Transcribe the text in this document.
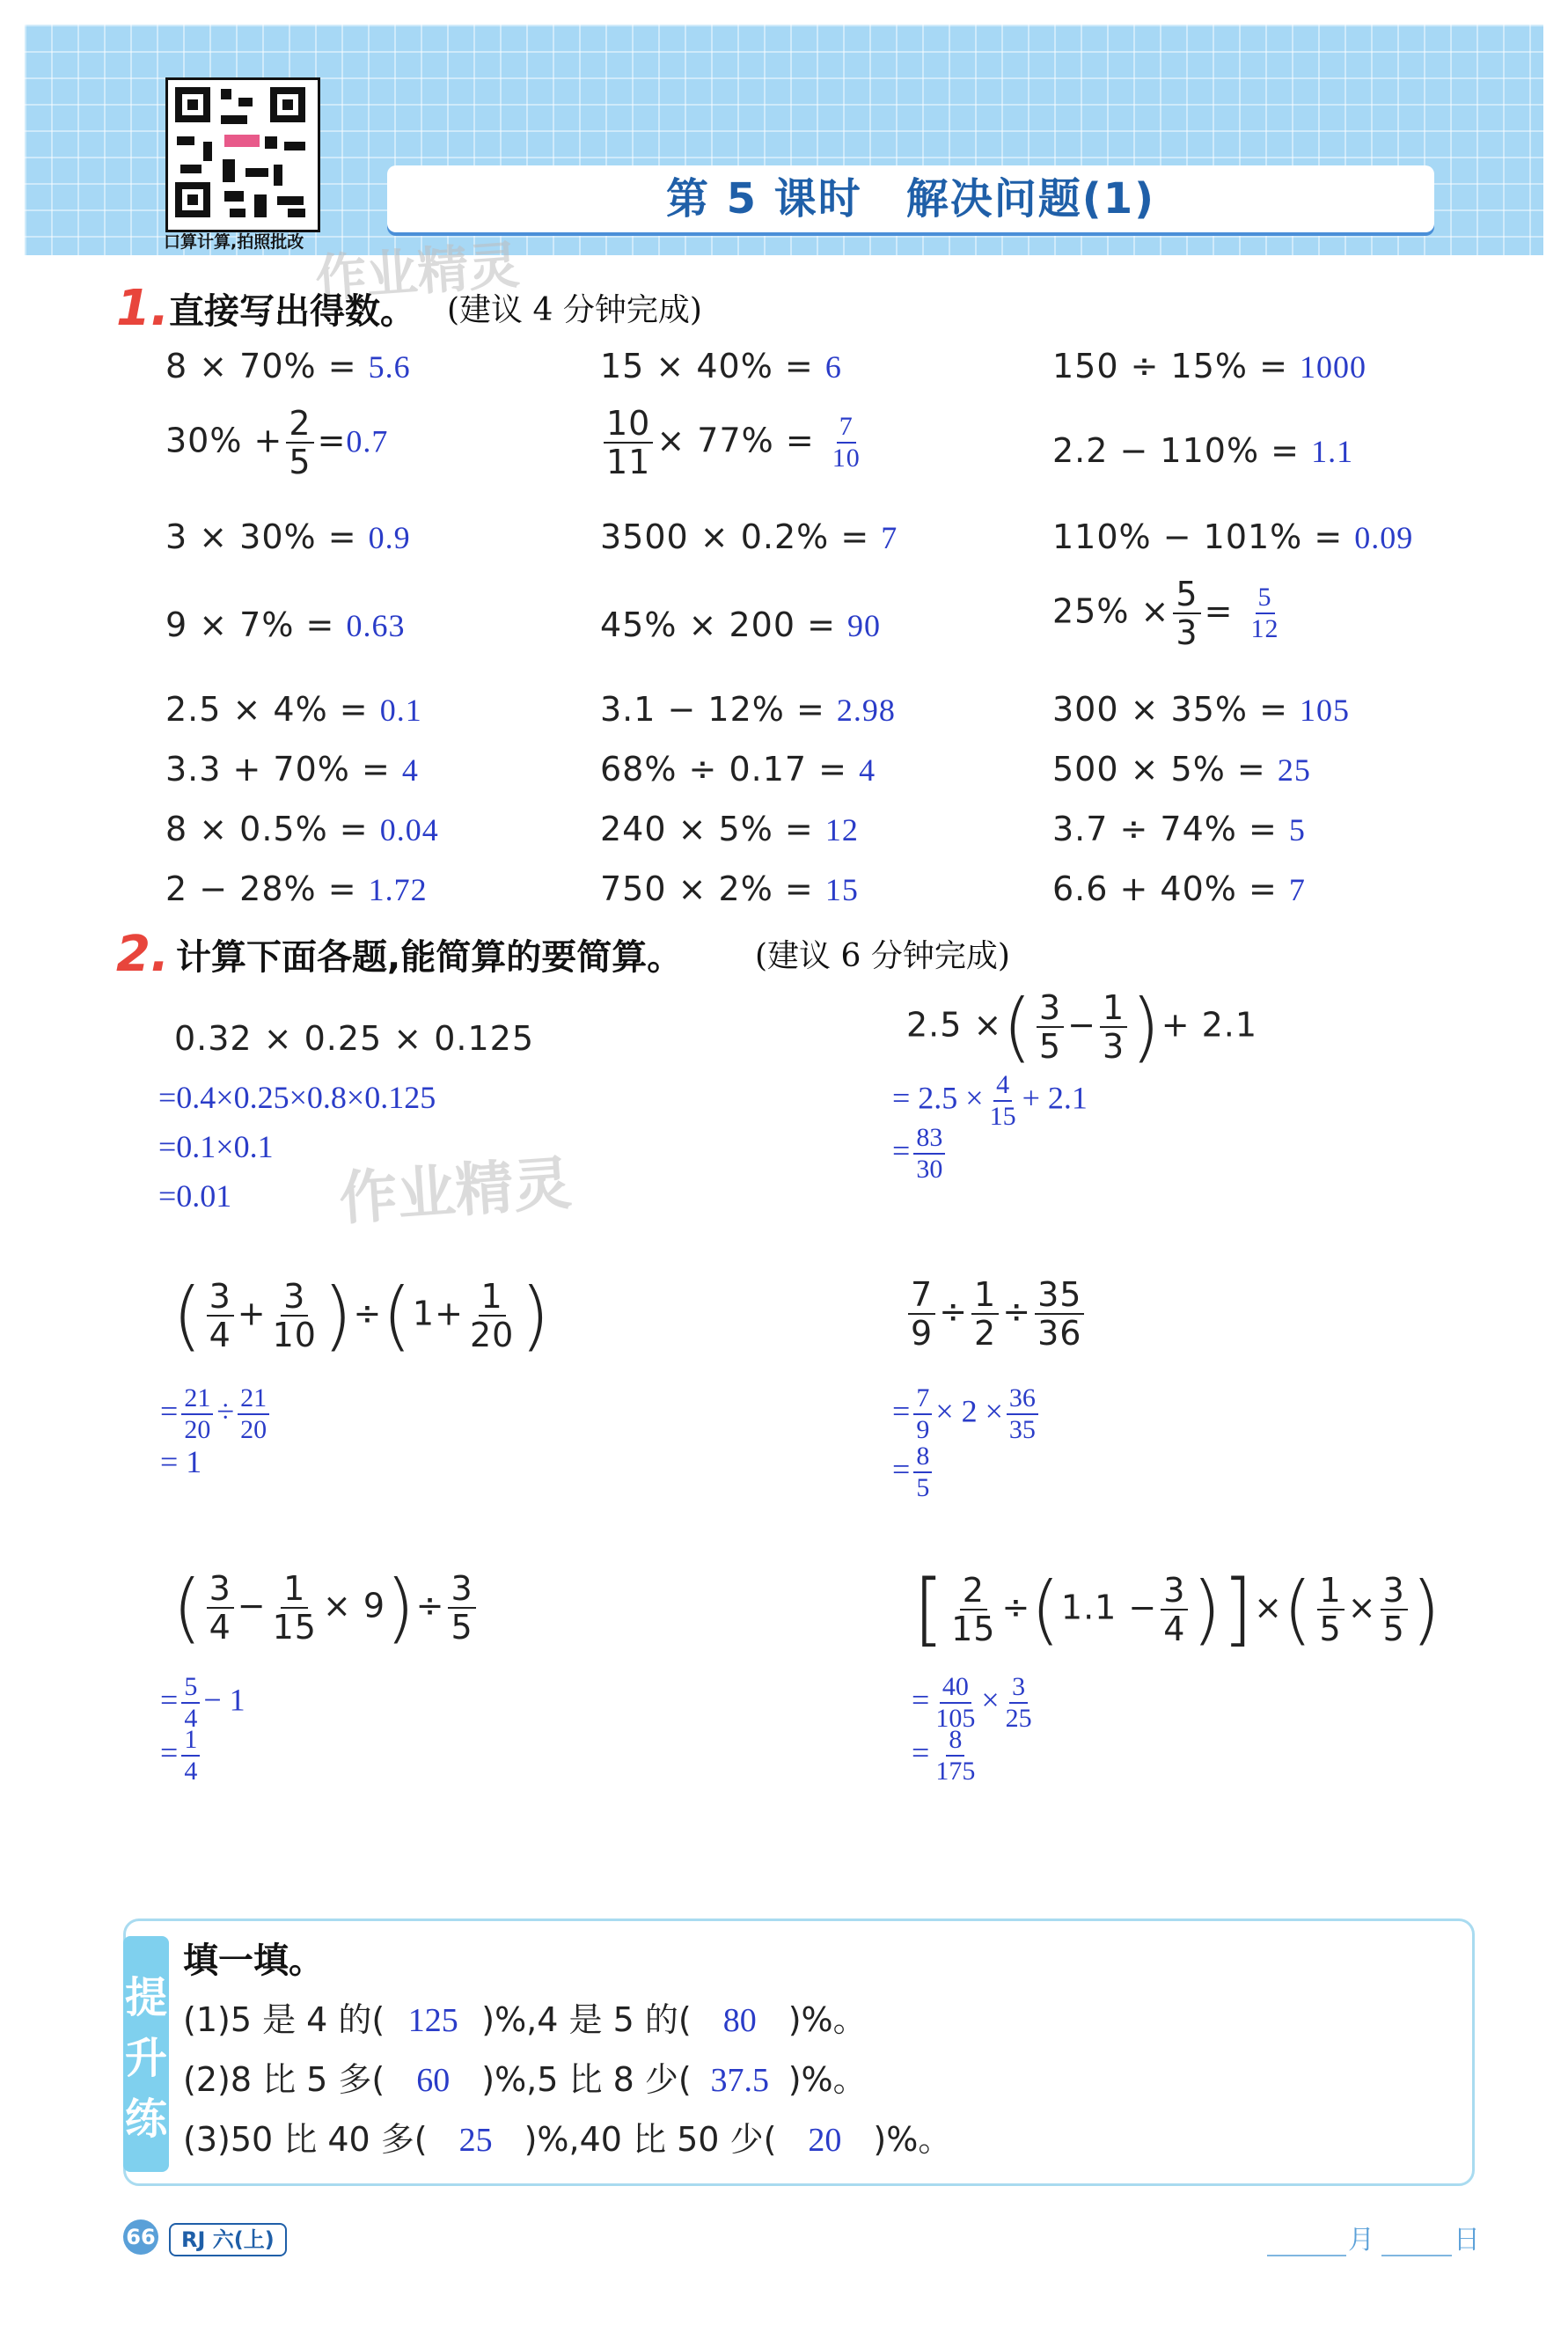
口算计算,拍照批改
第 5 课时　解决问题(1)
作业精灵
作业精灵
1. 直接写出得数。 (建议 4 分钟完成)
8 × 70% = 5.6	15 × 40% = 6	150 ÷ 15% = 1000
$30\% + \frac{2}{5} =0.7$	$\frac{10}{11} \times 77\% = \frac{7}{10}$	2.2 − 110% = 1.1
3 × 30% = 0.9	3500 × 0.2% = 7	110% − 101% = 0.09
9 × 7% = 0.63	45% × 200 = 90	$25\% \times \frac{5}{3} = \frac{5}{12}$
2.5 × 4% = 0.1	3.1 − 12% = 2.98	300 × 35% = 105
3.3 + 70% = 4	68% ÷ 0.17 = 4	500 × 5% = 25
8 × 0.5% = 0.04	240 × 5% = 12	3.7 ÷ 74% = 5
2 − 28% = 1.72	750 × 2% = 15	6.6 + 40% = 7
2. 计算下面各题,能简算的要简算。 (建议 6 分钟完成)
0.32 × 0.25 × 0.125
=0.4×0.25×0.8×0.125
=0.1×0.1
=0.01
2.5 ×( $\frac{3}{5} - \frac{1}{3}$ )+ 2.1
= $2.5 \times \frac{4}{15} + 2.1$
= $\frac{83}{30}$
( $\frac{3}{4} + \frac{3}{10} )\div(1+ \frac{1}{20}$ )
= $\frac{21}{20} \div \frac{21}{20}$
= 1
$\frac{7}{9} \div \frac{1}{2} \div \frac{35}{36}$
= $\frac{7}{9} \times 2 \times \frac{36}{35}$
= $\frac{8}{5}$
( $\frac{3}{4} - \frac{1}{15} \times 9)\div \frac{3}{5}$
= $\frac{5}{4} - 1$
= $\frac{1}{4}$
[ $\frac{2}{15} \div(1.1 - \frac{3}{4}$ )]×( $\frac{1}{5} \times \frac{3}{5}$ )
= $\frac{40}{105} \times \frac{3}{25}$
= $\frac{8}{175}$
提
升
练
填一填。
(1)5 是 4 的( 125 )%,4 是 5 的( 80 )%。
(2)8 比 5 多( 60 )%,5 比 8 少( 37.5 )%。
(3)50 比 40 多( 25 )%,40 比 50 少( 20 )%。
66	RJ 六(上)	月	日
